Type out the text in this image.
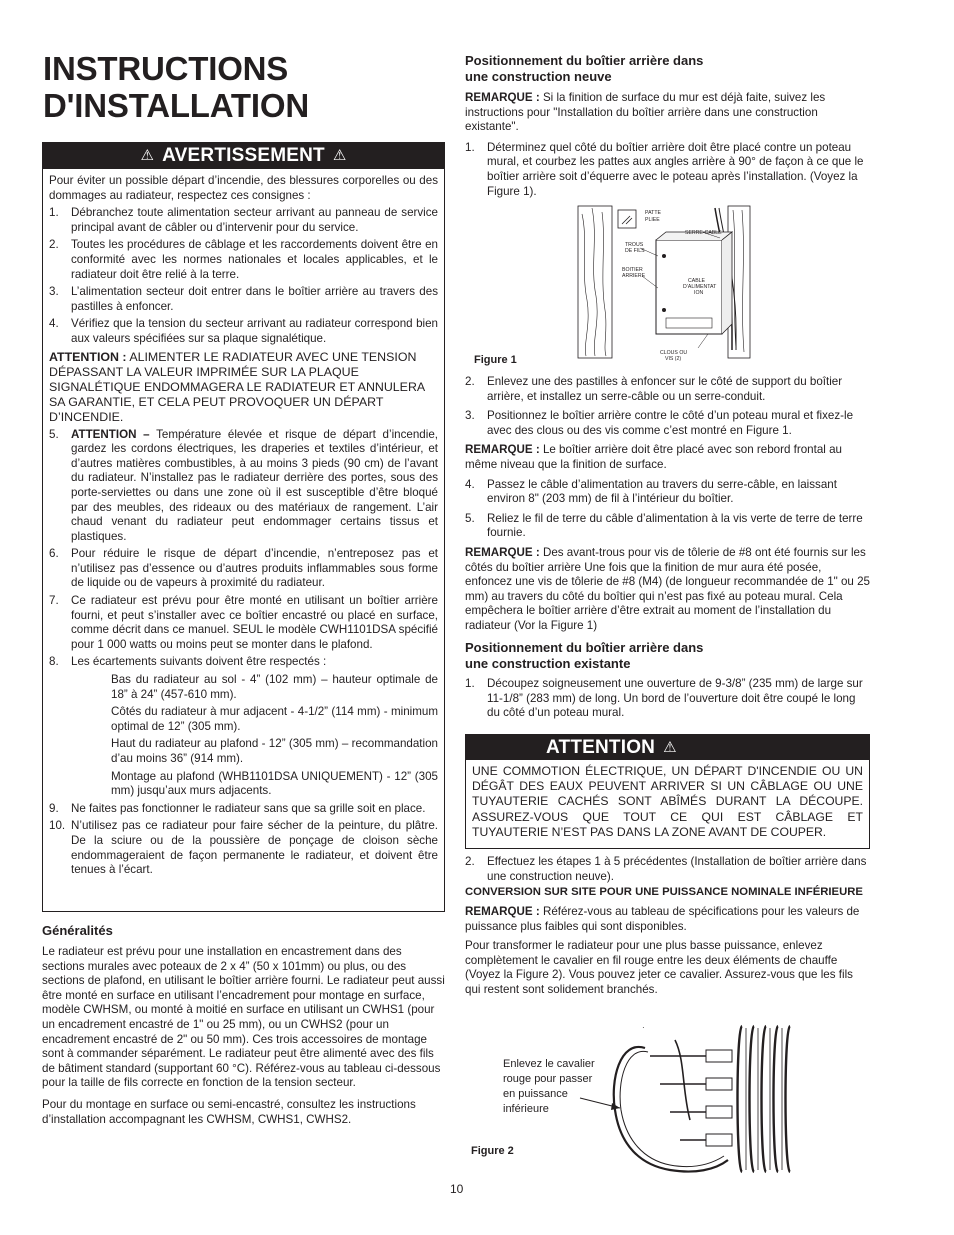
INSTRUCTIONS
D'INSTALLATION
⚠ AVERTISSEMENT ⚠

Pour éviter un possible départ d’incendie, des blessures corporelles ou des dommages au radiateur, respectez ces consignes :

1.	Débranchez toute alimentation secteur arrivant au panneau de service principal avant de câbler ou d’intervenir pour du service.
2.	Toutes les procédures de câblage et les raccordements doivent être en conformité avec les normes nationales et locales applicables, et le radiateur doit être relié à la terre.
3.	L’alimentation secteur doit entrer dans le boîtier arrière au travers des pastilles à enfoncer.
4.	Vérifiez que la tension du secteur arrivant au radiateur correspond bien aux valeurs spécifiées sur sa plaque signalétique.

ATTENTION : ALIMENTER LE RADIATEUR AVEC UNE TENSION DÉPASSANT LA VALEUR IMPRIMÉE SUR LA PLAQUE SIGNALÉTIQUE ENDOMMAGERA LE RADIATEUR ET ANNULERA SA GARANTIE, ET CELA PEUT PROVOQUER UN DÉPART D’INCENDIE.

5.	ATTENTION – Température élevée et risque de départ d’incendie, gardez les cordons électriques, les draperies et textiles d’intérieur, et d’autres matières combustibles, à au moins 3 pieds (90 cm) de l’avant du radiateur. N’installez pas le radiateur derrière des portes, sous des porte-serviettes ou dans une zone où il est susceptible d’être bloqué par des meubles, des rideaux ou des matériaux de rangement. L’air chaud venant du radiateur peut endommager certains tissus et plastiques.
6.	Pour réduire le risque de départ d’incendie, n’entreposez pas et n’utilisez pas d’essence ou d’autres produits inflammables sous forme de liquide ou de vapeurs à proximité du radiateur.
7.	Ce radiateur est prévu pour être monté en utilisant un boîtier arrière fourni, et peut s’installer avec ce boîtier encastré ou placé en surface, comme décrit dans ce manuel. SEUL le modèle CWH1101DSA spécifié pour 1 000 watts ou moins peut se monter dans le plafond.
8.	Les écartements suivants doivent être respectés :

Bas du radiateur au sol - 4” (102 mm) – hauteur optimale de 18” à 24” (457-610 mm).

Côtés du radiateur à mur adjacent - 4-1/2” (114 mm) - minimum optimal de 12” (305 mm).

Haut du radiateur au plafond - 12” (305 mm) – recommandation d’au moins 36” (914 mm).

Montage au plafond (WHB1101DSA UNIQUEMENT) - 12” (305 mm) jusqu’aux murs adjacents.

9.	Ne faites pas fonctionner le radiateur sans que sa grille soit en place.
10. N’utilisez pas ce radiateur pour faire sécher de la peinture, du plâtre. De la sciure ou de la poussière de ponçage de cloison sèche endommageraient de façon permanente le radiateur, et doivent être tenues à l’écart.
Généralités

Le radiateur est prévu pour une installation en encastrement dans des sections murales avec poteaux de 2 x 4” (50 x 101mm) ou plus, ou des sections de plafond, en utilisant le boîtier arrière fourni. Le radiateur peut aussi être monté en surface en utilisant l’encadrement pour montage en surface, modèle CWHSM, ou monté à moitié en surface en utilisant un CWHS1 (pour un encadrement encastré de 1" ou 25 mm), ou un CWHS2 (pour un encadrement encastré de 2" ou 50 mm). Ces trois accessoires de montage sont à commander séparément. Le radiateur peut être alimenté avec des fils de bâtiment standard (supportant 60 °C). Référez-vous au tableau ci-dessous pour la taille de fils correcte en fonction de la tension secteur.

Pour du montage en surface ou semi-encastré, consultez les instructions d’installation accompagnant les CWHSM, CWHS1, CWHS2.

Positionnement du boîtier arrière dans
une construction neuve

REMARQUE : Si la finition de surface du mur est déjà faite, suivez les instructions pour "Installation du boîtier arrière dans une construction existante".

1.	Déterminez quel côté du boîtier arrière doit être placé contre un poteau mural, et courbez les pattes aux angles arrière à 90° de façon à ce que le boîtier arrière soit d’équerre avec le poteau après l’installation. (Voyez la Figure 1).
PATTE
PLIEE
SERRE-CABLE
TROUS
DE FILS
BOITIER
ARRIERE
CABLE
D’ALIMENTAT
ION
CLOUS OU
VIS (2)
Figure 1
2.	Enlevez une des pastilles à enfoncer sur le côté de support du boîtier arrière, et installez un serre-câble ou un serre-conduit.
3.	Positionnez le boîtier arrière contre le côté d’un poteau mural et fixez-le avec des clous ou des vis comme c’est montré en Figure 1.

REMARQUE : Le boîtier arrière doit être placé avec son rebord frontal au même niveau que la finition de surface.

4.	Passez le câble d’alimentation au travers du serre-câble, en laissant environ 8" (203 mm) de fil à l’intérieur du boîtier.
5.	Reliez le fil de terre du câble d’alimentation à la vis verte de terre de terre fournie.

REMARQUE : Des avant-trous pour vis de tôlerie de #8 ont été fournis sur les côtés du boîtier arrière Une fois que la finition de mur aura été posée, enfoncez une vis de tôlerie de #8 (M4) (de longueur recommandée de 1" ou 25 mm) au travers du côté du boîtier qui n’est pas fixé au poteau mural. Cela empêchera le boîtier arrière d’être extrait au moment de l’installation du radiateur (Vor la Figure 1)

Positionnement du boîtier arrière dans
une construction existante
1.	Découpez soigneusement une ouverture de 9-3/8” (235 mm) de large sur 11-1/8” (283 mm) de long. Un bord de l’ouverture doit être coupé le long du côté d’un poteau mural.
ATTENTION ⚠

UNE COMMOTION ÉLECTRIQUE, UN DÉPART D'INCENDIE OU UN DÉGÂT DES EAUX PEUVENT ARRIVER SI UN CÂBLAGE OU UNE TUYAUTERIE CACHÉS SONT ABÎMÉS DURANT LA DÉCOUPE. ASSUREZ-VOUS QUE TOUT CE QUI EST CÂBLAGE ET TUYAUTERIE N’EST PAS DANS LA ZONE AVANT DE COUPER.

2.	Effectuez les étapes 1 à 5 précédentes (Installation de boîtier arrière dans une construction neuve).

CONVERSION SUR SITE POUR UNE PUISSANCE NOMINALE INFÉRIEURE

REMARQUE : Référez-vous au tableau de spécifications pour les valeurs de puissance plus faibles qui sont disponibles.

Pour transformer le radiateur pour une plus basse puissance, enlevez complètement le cavalier en fil rouge entre les deux éléments de chauffe (Voyez la Figure 2). Vous pouvez jeter ce cavalier. Assurez-vous que les fils qui restent sont solidement branchés.

·
Enlevez le cavalier
rouge pour passer
en puissance
inférieure
Figure 2
10
